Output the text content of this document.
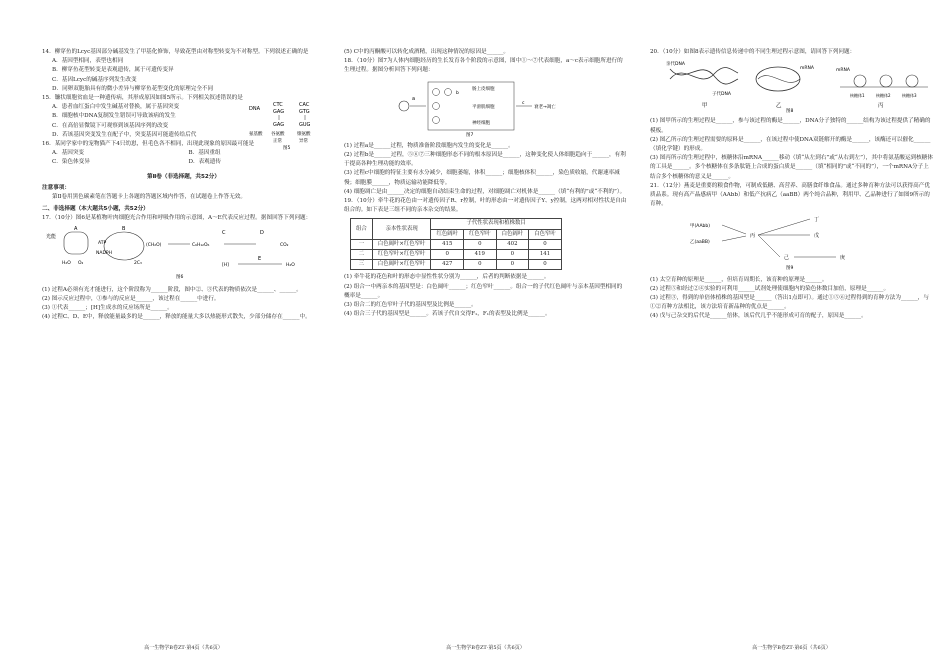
14．柳穿鱼的Lcyc基因部分碱基发生了甲基化修饰，导致花型由对称型转变为不对称型。下列叙述正确的是

A．基因型相同，表型也相同

B．柳穿鱼花型转变是表观遗传，属于可遗传变异

C．基因Lcyc的碱基序列发生改变

D．同卵双胞胎具有的微小差异与柳穿鱼花型变化的原理完全不同

15．镰状细胞贫血是一种遗传病，其形成原因如图5所示。下列相关叙述错误的是

A．患者血红蛋白中发生碱基对替换，属于基因突变

B．细胞核中DNA复制发生错误可导致该病的发生

C．在高倍显微镜下可观察到该基因序列的改变

D．若该基因突变发生在配子中，突变基因可能遗传给后代

DNA
CTC
GAG
CAC
GTG
GAG	GUG
氨基酸 谷氨酸	缬氨酸
正常	异常
图5

16．某同学家中的宠物猫产下4只幼崽，但毛色各不相同，出现此现象的原因最可能是

A．基因突变	B．基因重组
C．染色体变异	D．表观遗传

第Ⅱ卷（非选择题，共52分）

注意事项：

第Ⅱ卷用黑色碳素笔在答题卡上各题的答题区域内作答，在试题卷上作答无效。

二、非选择题（本大题共5小题，共52分）

17．（10分）图6是某植物叶肉细胞光合作用和呼吸作用的示意图，A～E代表反应过程。据图回答下列问题：

光能
A	B
ATP
NADPH
H₂O O₂	2C₃
(CH₂O)	C₆H₁₂O₆
C	D
CO₂
[H]
E
H₂O
图6

(1) 过程A必须有光才能进行，这个阶段称为______阶段，图中②、③代表的物质依次是______、______。

(2) 图示反应过程中，①参与的反应是______，该过程在______中进行。

(3) ①代表______；[H]生成水的反应场所是______。

(4) 过程C、D、E中，释放能量最多的是______，释放的能量大多以热能形式散失，少部分储存在______中。

(5) C中的丙酮酸可以转化成酒精，出现这种情况的原因是______。

18．（10分）图7为人体内细胞经历的生长发育各个阶段的示意图，图中①～⑦代表细胞，a～c表示细胞所进行的生理过程。据图分析回答下列问题：

a
b
肠上皮细胞
平滑肌细胞
神经细胞
c
衰老→凋亡
图7

(1) 过程a是______过程，物质准备阶段细胞内发生的变化是______。

(2) 过程b是______过程，⑤⑥⑦三种细胞形态不同的根本原因是______，这种变化使人体细胞趋向于______，有利于提高各种生理功能的效率。

(3) 过程c中细胞的特征主要有水分减少，细胞萎缩，体积______；细胞核体积______，染色质收缩，代谢速率减慢；细胞膜______，物质运输功能降低等。

(4) 细胞凋亡是由______决定的细胞自动结束生命的过程，对细胞凋亡对机体是______（填“有利的”或“不利的”）。

19．（10分）牵牛花的花色由一对遗传因子R、r控制，叶的形态由一对遗传因子Y、y控制，这两对相对性状是自由组合的。如下表是三组不同的亲本杂交的结果。

组合	亲本性状表现	子代性状表现和植株数目			
		红色阔叶	红色窄叶	白色阔叶	白色窄叶
一	白色阔叶×红色窄叶	415	0	402	0
二	红色窄叶×红色窄叶	0	419	0	141
三	白色阔叶×红色窄叶	427	0	0	0

(1) 牵牛花的花色和叶的形态中显性性状分别为______，后者的判断依据是______。

(2) 组合一中两亲本的基因型是：白色阔叶______；红色窄叶______。组合一的子代红色阔叶与亲本基因型相同的概率是______。

(3) 组合二的红色窄叶子代的基因型及比例是______。

(4) 组合三子代的基因型是______。若该子代自交得F₁，F₁的表型及比例是______。

20．（10分）如图8表示遗传信息传递中的不同生理过程示意图，请回答下列问题：

亲代DNA
子代DNA
甲
mRNA
乙
mRNA
核糖体1	核糖体2	核糖体3
丙
图8

(1) 图甲所示的生理过程是______，参与该过程的酶是______，DNA分子独特的______结构为该过程提供了精确的模板。

(2) 图乙所示的生理过程需要的原料是______，在该过程中使DNA双链解开的酶是______，该酶还可以催化______（填化学键）的形成。

(3) 图丙所示的生理过程中，核糖体沿mRNA______移动（填“从左到右”或“从右到左”），其中将氨基酸运到核糖体的工具是______。多个核糖体在多条肽链上合成的蛋白质是______（填“相同的”或“不同的”），一个mRNA分子上结合多个核糖体的意义是______。

21．（12分）燕麦是重要的粮食作物，可制成低糖、高营养、高膳食纤维食品。通过多种育种方法可以获得高产优质品系。现有高产晶感病甲（AAbb）和低产抗病乙（aaBB）两个纯合品种，利用甲、乙品种进行了如图9所示的育种。

甲(AAbb)
乙(aaBB)
丙
丁
戊
己	庚
图9

(1) 太空育种的原理是______，但培育周期长，该育种的原理是______。

(2) 过程⑤和经过②④实验的可利用______试剂处理使细胞内的染色体数目加倍，原理是______。

(3) 过程③，得到的单倍体植株的基因型是______（答出1点即可）。通过①⑤⑥过程得到的育种方法为______，与①②育种方法相比，该方法培育新品种的优点是______。

(4) 戊与己杂交的后代是______倍体，该后代几乎不能形成可育的配子，原因是______。

高一生物学B卷ZT·第4页（共6页）	高一生物学B卷ZT·第5页（共6页）	高一生物学B卷ZT·第6页（共6页）
